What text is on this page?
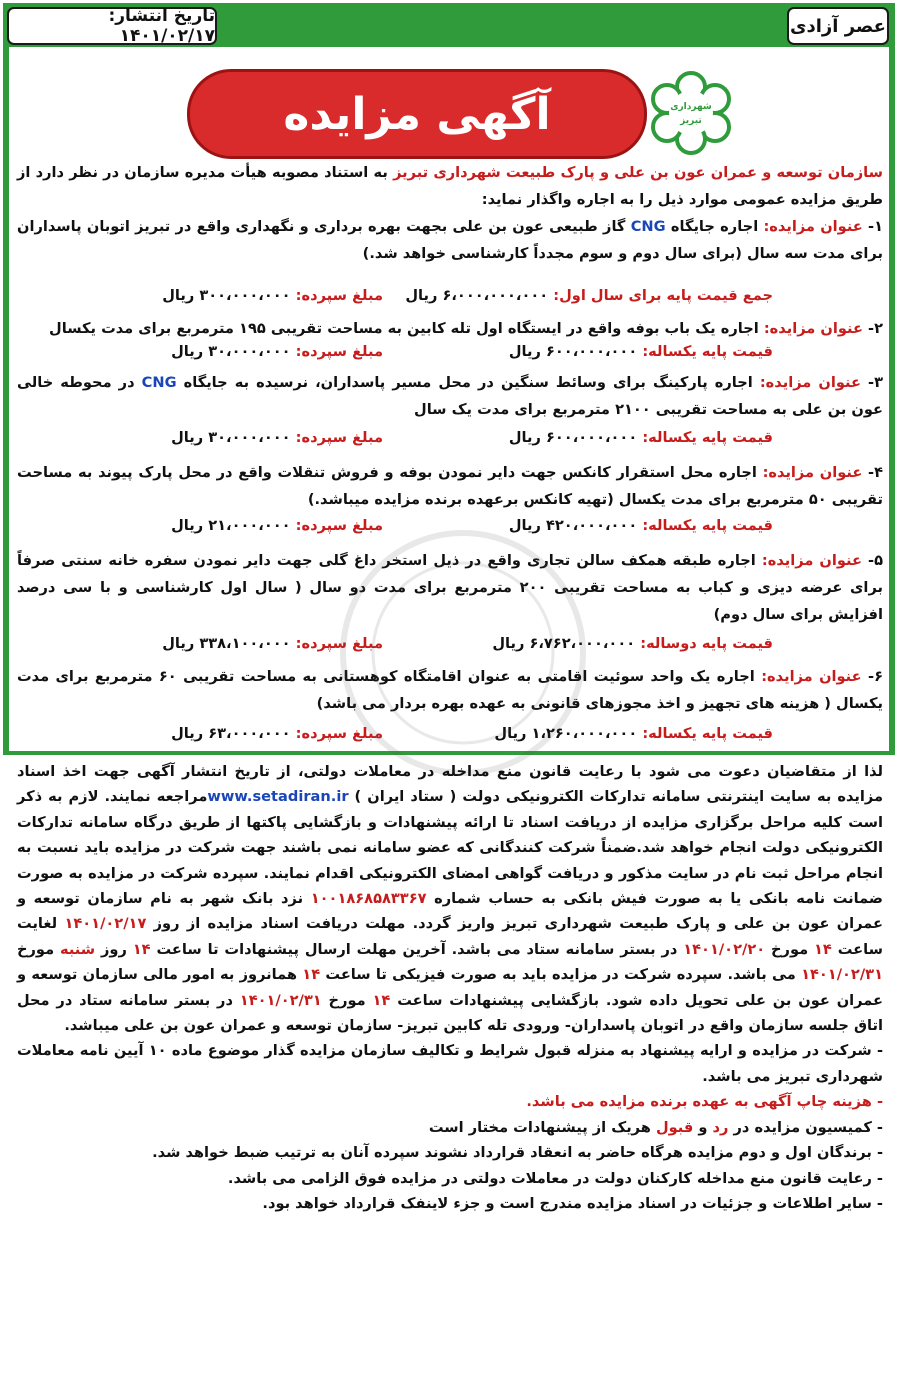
عصر آزادی
تاریخ انتشار: ۱۴۰۱/۰۲/۱۷
شهرداری
تبریز
آگهی مزایده
سازمان توسعه و عمران عون بن علی و پارک طبیعت شهرداری تبریز به استناد مصوبه هیأت مدیره سازمان در نظر دارد از طریق مزایده عمومی موارد ذیل را به اجاره واگذار نماید:
۱- عنوان مزایده: اجاره جایگاه CNG گاز طبیعی عون بن علی بجهت بهره برداری و نگهداری واقع در تبریز اتوبان پاسداران برای مدت سه سال (برای سال دوم و سوم مجدداً کارشناسی خواهد شد.)
جمع قیمت پایه برای سال اول: ۶،۰۰۰،۰۰۰،۰۰۰ ریال
مبلغ سپرده: ۳۰۰،۰۰۰،۰۰۰ ریال
۲- عنوان مزایده: اجاره یک باب بوفه واقع در ایستگاه اول تله کابین به مساحت تقریبی ۱۹۵ مترمربع برای مدت یکسال
قیمت پایه یکساله: ۶۰۰،۰۰۰،۰۰۰ ریال
مبلغ سپرده: ۳۰،۰۰۰،۰۰۰ ریال
۳- عنوان مزایده: اجاره پارکینگ برای وسائط سنگین در محل مسیر پاسداران، نرسیده به جایگاه CNG در محوطه خالی عون بن علی به مساحت تقریبی ۲۱۰۰ مترمربع برای مدت یک سال
قیمت پایه یکساله: ۶۰۰،۰۰۰،۰۰۰ ریال
مبلغ سپرده: ۳۰،۰۰۰،۰۰۰ ریال
۴- عنوان مزایده: اجاره محل استقرار کانکس جهت دایر نمودن بوفه و فروش تنقلات واقع در محل پارک پیوند به مساحت تقریبی ۵۰ مترمربع برای مدت یکسال (تهیه کانکس برعهده برنده مزایده میباشد.)
قیمت پایه یکساله: ۴۲۰،۰۰۰،۰۰۰ ریال
مبلغ سپرده: ۲۱،۰۰۰،۰۰۰ ریال
۵- عنوان مزایده: اجاره طبقه همکف سالن تجاری واقع در ذیل استخر داغ گلی جهت دایر نمودن سفره خانه سنتی صرفاً برای عرضه دیزی و کباب به مساحت تقریبی ۲۰۰ مترمربع برای مدت دو سال ( سال اول کارشناسی و با سی درصد افزایش برای سال دوم)
قیمت پایه دوساله: ۶،۷۶۲،۰۰۰،۰۰۰ ریال
مبلغ سپرده: ۳۳۸،۱۰۰،۰۰۰ ریال
۶- عنوان مزایده: اجاره یک واحد سوئیت اقامتی به عنوان اقامتگاه کوهستانی به مساحت تقریبی ۶۰ مترمربع برای مدت یکسال ( هزینه های تجهیز و اخذ مجوزهای قانونی به عهده بهره بردار می باشد)
قیمت پایه یکساله: ۱،۲۶۰،۰۰۰،۰۰۰ ریال
مبلغ سپرده: ۶۳،۰۰۰،۰۰۰ ریال

لذا از متقاضیان دعوت می شود با رعایت قانون منع مداخله در معاملات دولتی، از تاریخ انتشار آگهی جهت اخذ اسناد مزایده به سایت اینترنتی سامانه تدارکات الکترونیکی دولت ( ستاد ایران ) www.setadiran.irمراجعه نمایند. لازم به ذکر است کلیه مراحل برگزاری مزایده از دریافت اسناد تا ارائه پیشنهادات و بازگشایی پاکتها از طریق درگاه سامانه تدارکات الکترونیکی دولت انجام خواهد شد.ضمناً شرکت کنندگانی که عضو سامانه نمی باشند جهت شرکت در مزایده باید نسبت به انجام مراحل ثبت نام در سایت مذکور و دریافت گواهی امضای الکترونیکی اقدام نمایند. سپرده شرکت در مزایده به صورت ضمانت نامه بانکی یا به صورت فیش بانکی به حساب شماره ۱۰۰۱۸۶۸۵۸۳۳۶۷ نزد بانک شهر به نام سازمان توسعه و عمران عون بن علی و پارک طبیعت شهرداری تبریز واریز گردد. مهلت دریافت اسناد مزایده از روز ۱۴۰۱/۰۲/۱۷ لغایت ساعت ۱۴ مورخ ۱۴۰۱/۰۲/۲۰ در بستر سامانه ستاد می باشد. آخرین مهلت ارسال پیشنهادات تا ساعت ۱۴ روز شنبه مورخ ۱۴۰۱/۰۲/۳۱ می باشد. سپرده شرکت در مزایده باید به صورت فیزیکی تا ساعت ۱۴ همانروز به امور مالی سازمان توسعه و عمران عون بن علی تحویل داده شود. بازگشایی پیشنهادات ساعت ۱۴ مورخ ۱۴۰۱/۰۲/۳۱ در بستر سامانه ستاد در محل اتاق جلسه سازمان واقع در اتوبان پاسداران- ورودی تله کابین تبریز- سازمان توسعه و عمران عون بن علی میباشد.

- شرکت در مزایده و ارایه پیشنهاد به منزله قبول شرایط و تکالیف سازمان مزایده گذار موضوع ماده ۱۰ آیین نامه معاملات شهرداری تبریز می باشد.
- هزینه چاپ آگهی به عهده برنده مزایده می باشد.
- کمیسیون مزایده در رد و قبول هریک از پیشنهادات مختار است
- برندگان اول و دوم مزایده هرگاه حاضر به انعقاد قرارداد نشوند سپرده آنان به ترتیب ضبط خواهد شد.
- رعایت قانون منع مداخله کارکنان دولت در معاملات دولتی در مزایده فوق الزامی می باشد.
- سایر اطلاعات و جزئیات در اسناد مزایده مندرج است و جزء لاینفک قرارداد خواهد بود.
